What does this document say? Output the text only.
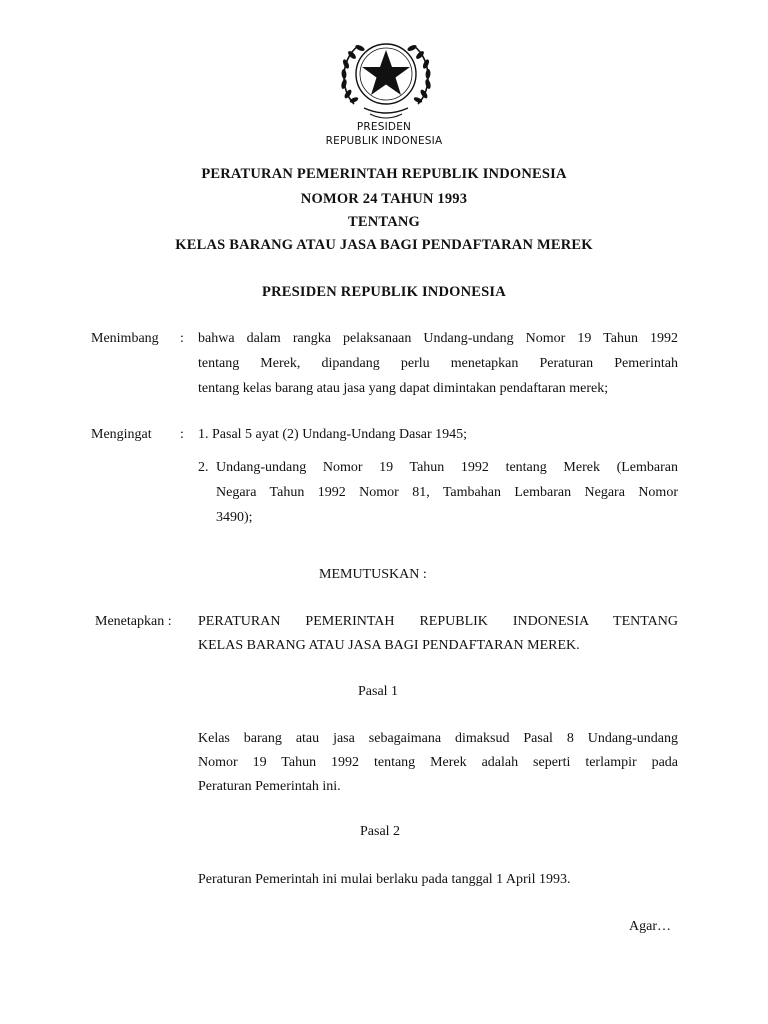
PRESIDEN
REPUBLIK INDONESIA
PERATURAN PEMERINTAH REPUBLIK INDONESIA
NOMOR 24 TAHUN 1993
TENTANG
KELAS BARANG ATAU JASA BAGI PENDAFTARAN MEREK
PRESIDEN REPUBLIK INDONESIA
Menimbang : bahwa dalam rangka pelaksanaan Undang-undang Nomor 19 Tahun 1992
tentang Merek, dipandang perlu menetapkan Peraturan Pemerintah
tentang kelas barang atau jasa yang dapat dimintakan pendaftaran merek;
Mengingat : 1. Pasal 5 ayat (2) Undang-Undang Dasar 1945;
2. Undang-undang Nomor 19 Tahun 1992 tentang Merek (Lembaran
Negara Tahun 1992 Nomor 81, Tambahan Lembaran Negara Nomor
3490);
MEMUTUSKAN :
Menetapkan : PERATURAN PEMERINTAH REPUBLIK INDONESIA TENTANG
KELAS BARANG ATAU JASA BAGI PENDAFTARAN MEREK.
Pasal 1
Kelas barang atau jasa sebagaimana dimaksud Pasal 8 Undang-undang
Nomor 19 Tahun 1992 tentang Merek adalah seperti terlampir pada
Peraturan Pemerintah ini.
Pasal 2
Peraturan Pemerintah ini mulai berlaku pada tanggal 1 April 1993.
Agar…
